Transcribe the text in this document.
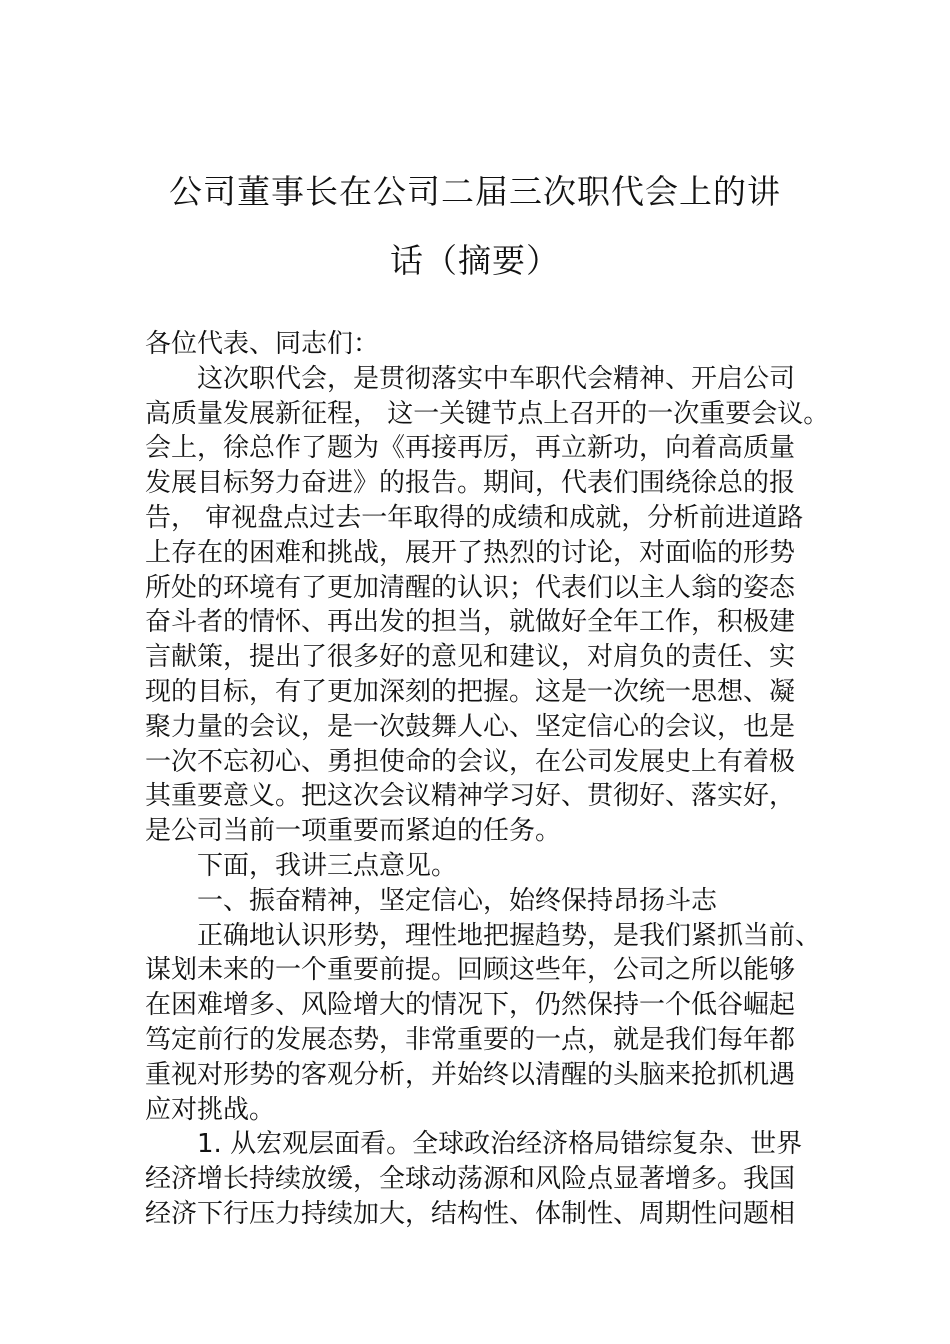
公司董事长在公司二届三次职代会上的讲
话（摘要）
各位代表、同志们：
这次职代会，是贯彻落实中车职代会精神、开启公司
高质量发展新征程， 这一关键节点上召开的一次重要会议。
会上，徐总作了题为《再接再厉，再立新功，向着高质量
发展目标努力奋进》的报告。期间，代表们围绕徐总的报
告， 审视盘点过去一年取得的成绩和成就，分析前进道路
上存在的困难和挑战，展开了热烈的讨论，对面临的形势
所处的环境有了更加清醒的认识；代表们以主人翁的姿态
奋斗者的情怀、再出发的担当，就做好全年工作，积极建
言献策，提出了很多好的意见和建议，对肩负的责任、实
现的目标，有了更加深刻的把握。这是一次统一思想、凝
聚力量的会议，是一次鼓舞人心、坚定信心的会议，也是
一次不忘初心、勇担使命的会议，在公司发展史上有着极
其重要意义。把这次会议精神学习好、贯彻好、落实好，
是公司当前一项重要而紧迫的任务。
下面，我讲三点意见。
一、振奋精神，坚定信心，始终保持昂扬斗志
正确地认识形势，理性地把握趋势，是我们紧抓当前、
谋划未来的一个重要前提。回顾这些年，公司之所以能够
在困难增多、风险增大的情况下，仍然保持一个低谷崛起
笃定前行的发展态势，非常重要的一点，就是我们每年都
重视对形势的客观分析，并始终以清醒的头脑来抢抓机遇
应对挑战。
1. 从宏观层面看。全球政治经济格局错综复杂、世界
经济增长持续放缓，全球动荡源和风险点显著增多。我国
经济下行压力持续加大，结构性、体制性、周期性问题相
